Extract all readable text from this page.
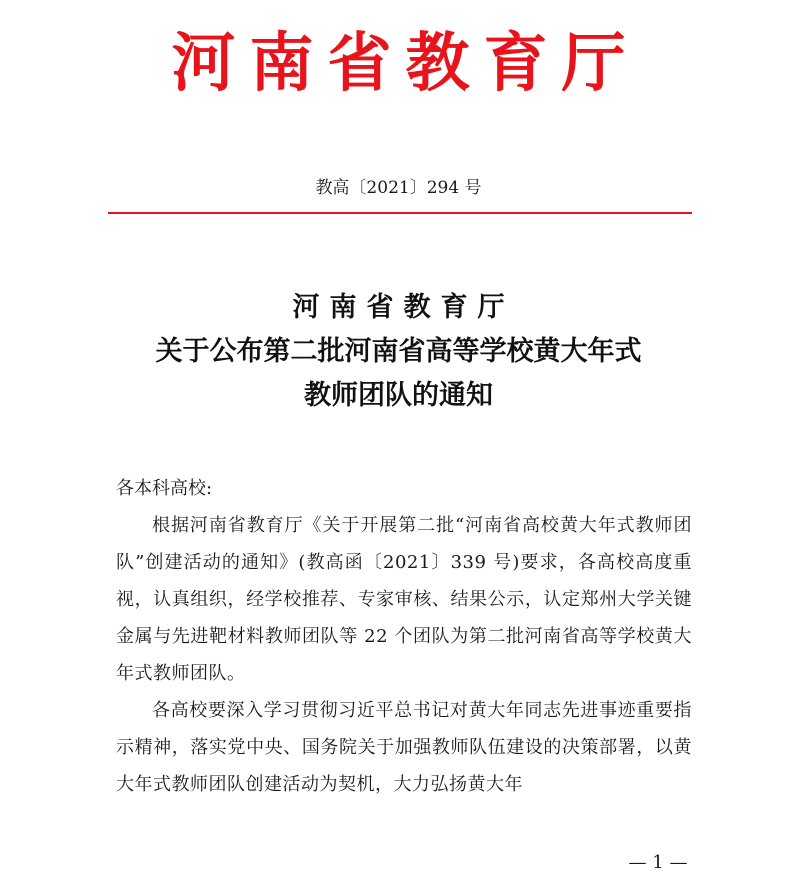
河南省教育厅
教高〔2021〕294 号
河南省教育厅
关于公布第二批河南省高等学校黄大年式
教师团队的通知

各本科高校:

根据河南省教育厅《关于开展第二批“河南省高校黄大年式教师团队”创建活动的通知》(教高函〔2021〕339 号)要求，各高校高度重视，认真组织，经学校推荐、专家审核、结果公示，认定郑州大学关键金属与先进靶材料教师团队等 22 个团队为第二批河南省高等学校黄大年式教师团队。

各高校要深入学习贯彻习近平总书记对黄大年同志先进事迹重要指示精神，落实党中央、国务院关于加强教师队伍建设的决策部署，以黄大年式教师团队创建活动为契机，大力弘扬黄大年

— 1 —
